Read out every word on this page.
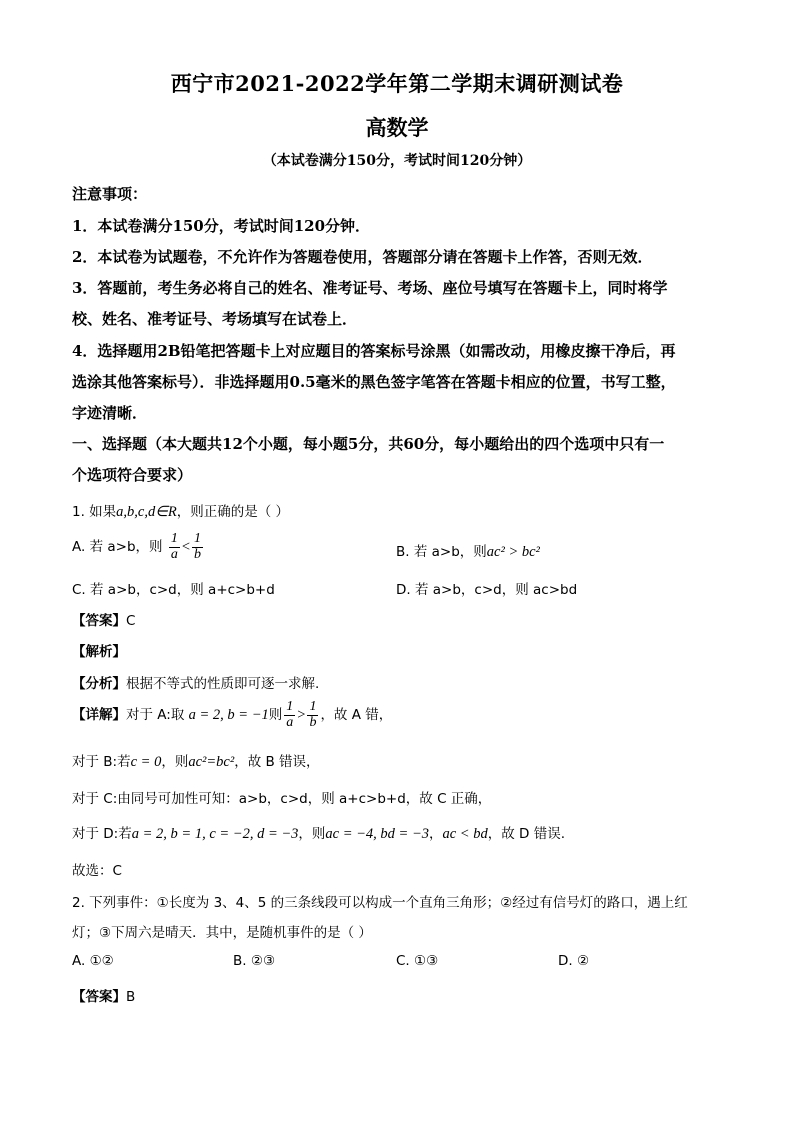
西宁市2021-2022学年第二学期末调研测试卷
高数学
（本试卷满分150分，考试时间120分钟）
注意事项：
1．本试卷满分150分，考试时间120分钟．
2．本试卷为试题卷，不允许作为答题卷使用，答题部分请在答题卡上作答，否则无效．
3．答题前，考生务必将自己的姓名、准考证号、考场、座位号填写在答题卡上，同时将学
校、姓名、准考证号、考场填写在试卷上．
4．选择题用2B铅笔把答题卡上对应题目的答案标号涂黑（如需改动，用橡皮擦干净后，再
选涂其他答案标号）．非选择题用0.5毫米的黑色签字笔答在答题卡相应的位置，书写工整，
字迹清晰．
一、选择题（本大题共12个小题，每小题5分，共60分，每小题给出的四个选项中只有一
个选项符合要求）
1. 如果a,b,c,d∈R，则正确的是（ ）
A. 若 a>b，则 $\frac{1}{a} < \frac{1}{b}$	B. 若 a>b，则ac² > bc²
C. 若 a>b，c>d，则 a+c>b+d	D. 若 a>b，c>d，则 ac>bd
【答案】C
【解析】
【分析】根据不等式的性质即可逐一求解.
【详解】对于 A:取 a = 2, b = −1则 $\frac{1}{a} > \frac{1}{b}$ ，故 A 错，
对于 B:若c = 0，则ac²=bc²，故 B 错误，
对于 C:由同号可加性可知：a>b，c>d，则 a+c>b+d，故 C 正确，
对于 D:若a = 2, b = 1, c = −2, d = −3，则ac = −4, bd = −3，ac < bd，故 D 错误.
故选：C
2. 下列事件：①长度为 3、4、5 的三条线段可以构成一个直角三角形；②经过有信号灯的路口，遇上红
灯；③下周六是晴天．其中，是随机事件的是（ ）
A. ①②	B. ②③	C. ①③	D. ②
【答案】B
